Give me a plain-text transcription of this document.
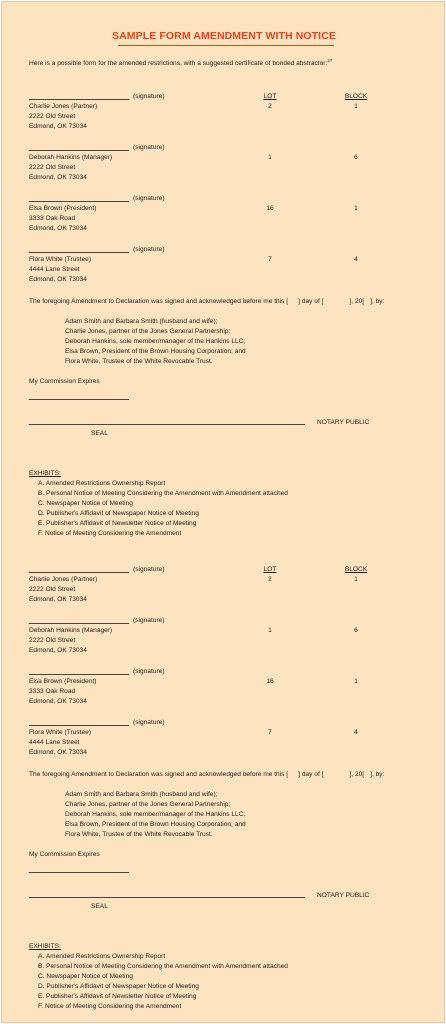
SAMPLE FORM AMENDMENT WITH NOTICE
Here is a possible form for the amended restrictions, with a suggested certificate of bonded abstractor:$^{27}$
LOT	BLOCK
(signature)
Charlie Jones (Partner)
2222 Old Street
Edmond, OK 73034
2	1
(signature)
Deborah Hankins (Manager)
2222 Old Street
Edmond, OK 73034
1	6
(signature)
Elsa Brown (President)
3333 Oak Road
Edmond, OK 73034
16	1
(signature)
Flora White (Trustee)
4444 Lane Street
Edmond, OK 73034
7	4
The foregoing Amendment to Declaration was signed and acknowledged before me this [ ] day of [	], 20[ ], by:
Adam Smith and Barbara Smith (husband and wife);
Charlie Jones, partner of the Jones General Partnership;
Deborah Hankins, sole member/manager of the Hankins LLC;
Elsa Brown, President of the Brown Housing Corporation; and
Flora White, Trustee of the White Revocable Trust.
My Commission Expires
NOTARY PUBLIC
SEAL
EXHIBITS:
A. Amended Restrictions Ownership Report
B. Personal Notice of Meeting Considering the Amendment with Amendment attached
C. Newspaper Notice of Meeting
D. Publisher's Affidavit of Newspaper Notice of Meeting
E. Publisher's Affidavit of Newsletter Notice of Meeting
F. Notice of Meeting Considering the Amendment
LOT	BLOCK
(signature)
Charlie Jones (Partner)
2222 Old Street
Edmond, OK 73034
2	1
(signature)
Deborah Hankins (Manager)
2222 Old Street
Edmond, OK 73034
1	6
(signature)
Elsa Brown (President)
3333 Oak Road
Edmond, OK 73034
16	1
(signature)
Flora White (Trustee)
4444 Lane Street
Edmond, OK 73034
7	4
The foregoing Amendment to Declaration was signed and acknowledged before me this [ ] day of [	], 20[ ], by:
Adam Smith and Barbara Smith (husband and wife);
Charlie Jones, partner of the Jones General Partnership;
Deborah Hankins, sole member/manager of the Hankins LLC;
Elsa Brown, President of the Brown Housing Corporation; and
Flora White, Trustee of the White Revocable Trust.
My Commission Expires
NOTARY PUBLIC
SEAL
EXHIBITS:
A. Amended Restrictions Ownership Report
B. Personal Notice of Meeting Considering the Amendment with Amendment attached
C. Newspaper Notice of Meeting
D. Publisher's Affidavit of Newspaper Notice of Meeting
E. Publisher's Affidavit of Newsletter Notice of Meeting
F. Notice of Meeting Considering the Amendment
